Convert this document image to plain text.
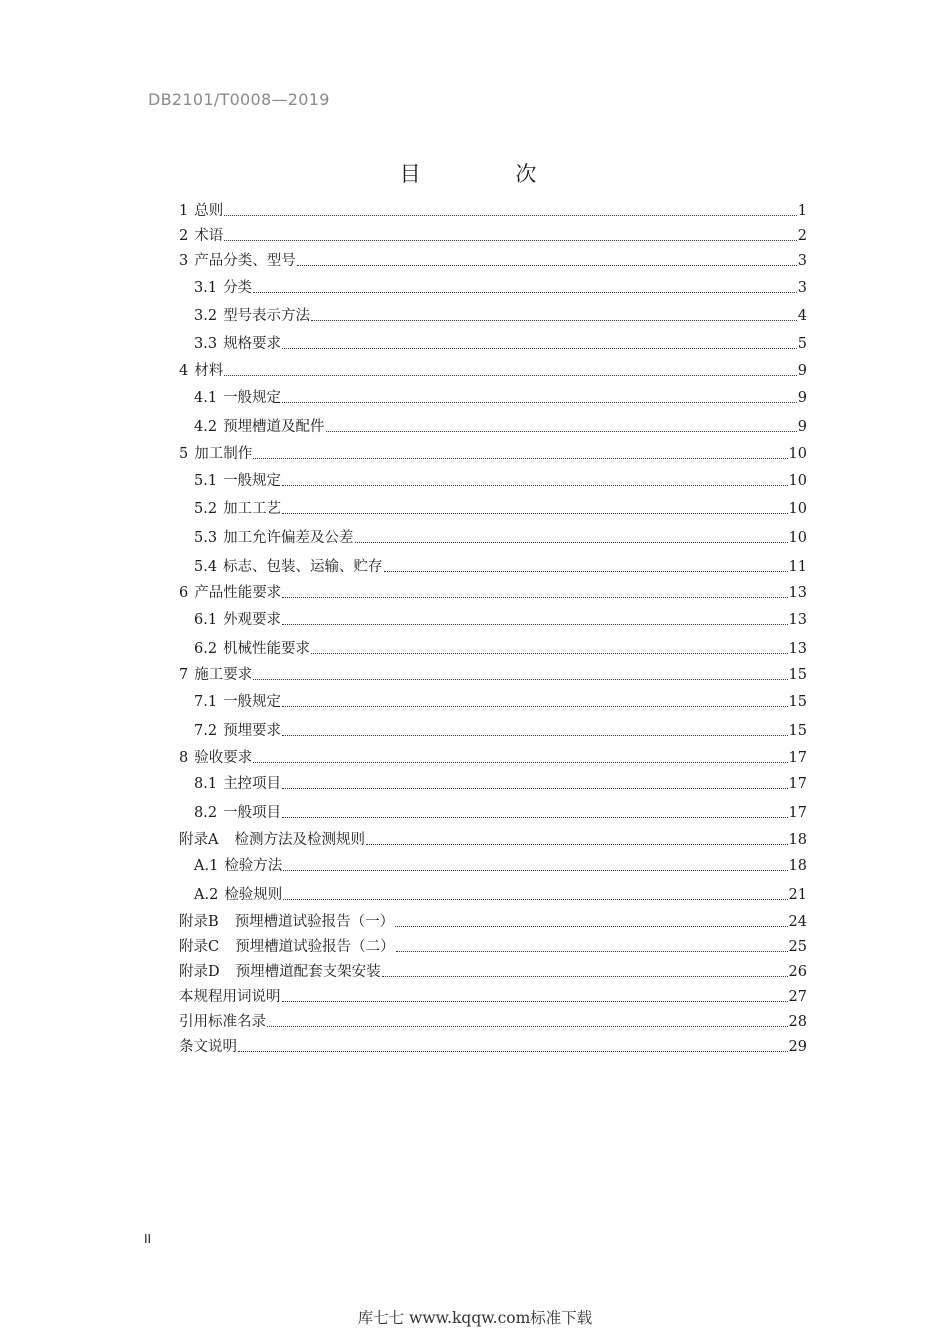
DB2101/T0008—2019
目 次
1 总则	1
2 术语	2
3 产品分类、型号	3
3.1 分类	3
3.2 型号表示方法	4
3.3 规格要求	5
4 材料	9
4.1 一般规定	9
4.2 预埋槽道及配件	9
5 加工制作	10
5.1 一般规定	10
5.2 加工工艺	10
5.3 加工允许偏差及公差	10
5.4 标志、包装、运输、贮存	11
6 产品性能要求	13
6.1 外观要求	13
6.2 机械性能要求	13
7 施工要求	15
7.1 一般规定	15
7.2 预埋要求	15
8 验收要求	17
8.1 主控项目	17
8.2 一般项目	17
附录A	检测方法及检测规则	18
A.1 检验方法	18
A.2 检验规则	21
附录B	预埋槽道试验报告（一）	24
附录C	预埋槽道试验报告（二）	25
附录D	预埋槽道配套支架安装	26
本规程用词说明	27
引用标准名录	28
条文说明	29
II
库七七 www.kqqw.com标准下载
